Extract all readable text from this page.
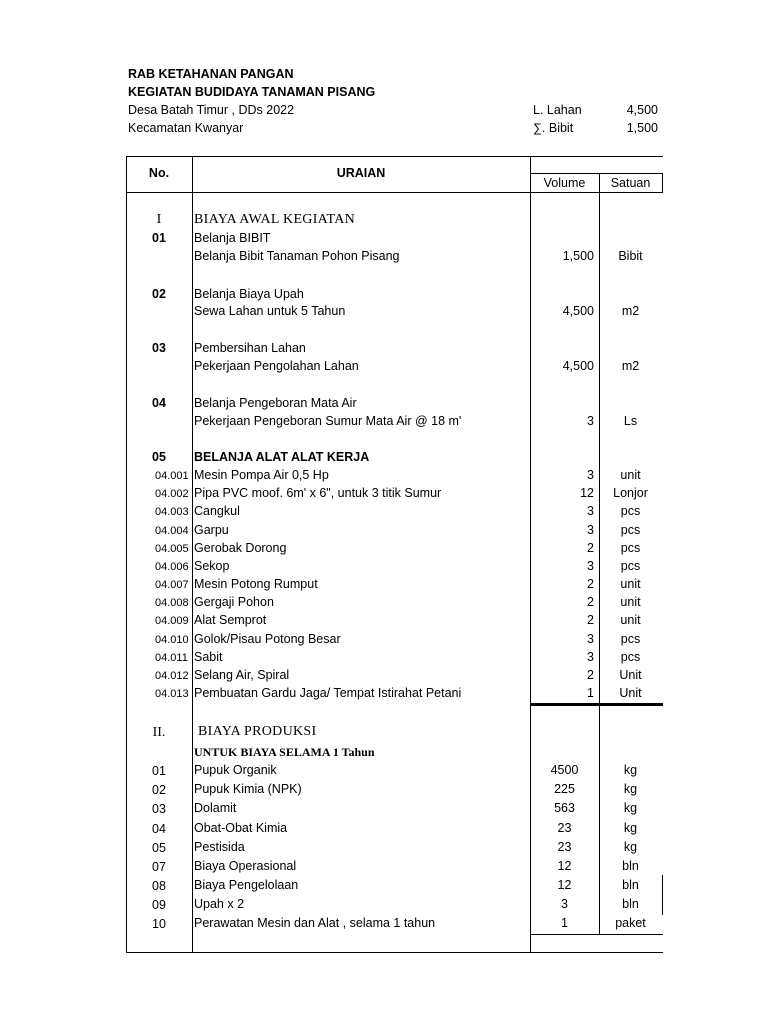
RAB KETAHANAN PANGAN
KEGIATAN BUDIDAYA TANAMAN PISANG
Desa Batah Timur , DDs 2022
Kecamatan Kwanyar
L. Lahan	4,500
∑. Bibit	1,500
No.	URAIAN
Volume	Satuan
I	BIAYA AWAL KEGIATAN
01	Belanja BIBIT
Belanja Bibit Tanaman Pohon Pisang	1,500	Bibit
02	Belanja Biaya Upah
Sewa Lahan untuk 5 Tahun	4,500	m2
03	Pembersihan Lahan
Pekerjaan Pengolahan Lahan	4,500	m2
04	Belanja Pengeboran Mata Air
Pekerjaan Pengeboran Sumur Mata Air @ 18 m'	3	Ls
05	BELANJA ALAT ALAT KERJA
04.001 Mesin Pompa Air 0,5 Hp	3	unit
04.002 Pipa PVC moof. 6m' x 6", untuk 3 titik Sumur	12	Lonjor
04.003 Cangkul	3	pcs
04.004 Garpu	3	pcs
04.005 Gerobak Dorong	2	pcs
04.006 Sekop	3	pcs
04.007 Mesin Potong Rumput	2	unit
04.008 Gergaji Pohon	2	unit
04.009 Alat Semprot	2	unit
04.010 Golok/Pisau Potong Besar	3	pcs
04.011 Sabit	3	pcs
04.012 Selang Air, Spiral	2	Unit
04.013 Pembuatan Gardu Jaga/ Tempat Istirahat Petani	1	Unit
II.	BIAYA PRODUKSI
UNTUK BIAYA SELAMA 1 Tahun
01	Pupuk Organik	4500	kg
02	Pupuk Kimia (NPK)	225	kg
03	Dolamit	563	kg
04	Obat-Obat Kimia	23	kg
05	Pestisida	23	kg
07	Biaya Operasional	12	bln
08	Biaya Pengelolaan	12	bln
09	Upah x 2	3	bln
10	Perawatan Mesin dan Alat , selama 1 tahun	1	paket
